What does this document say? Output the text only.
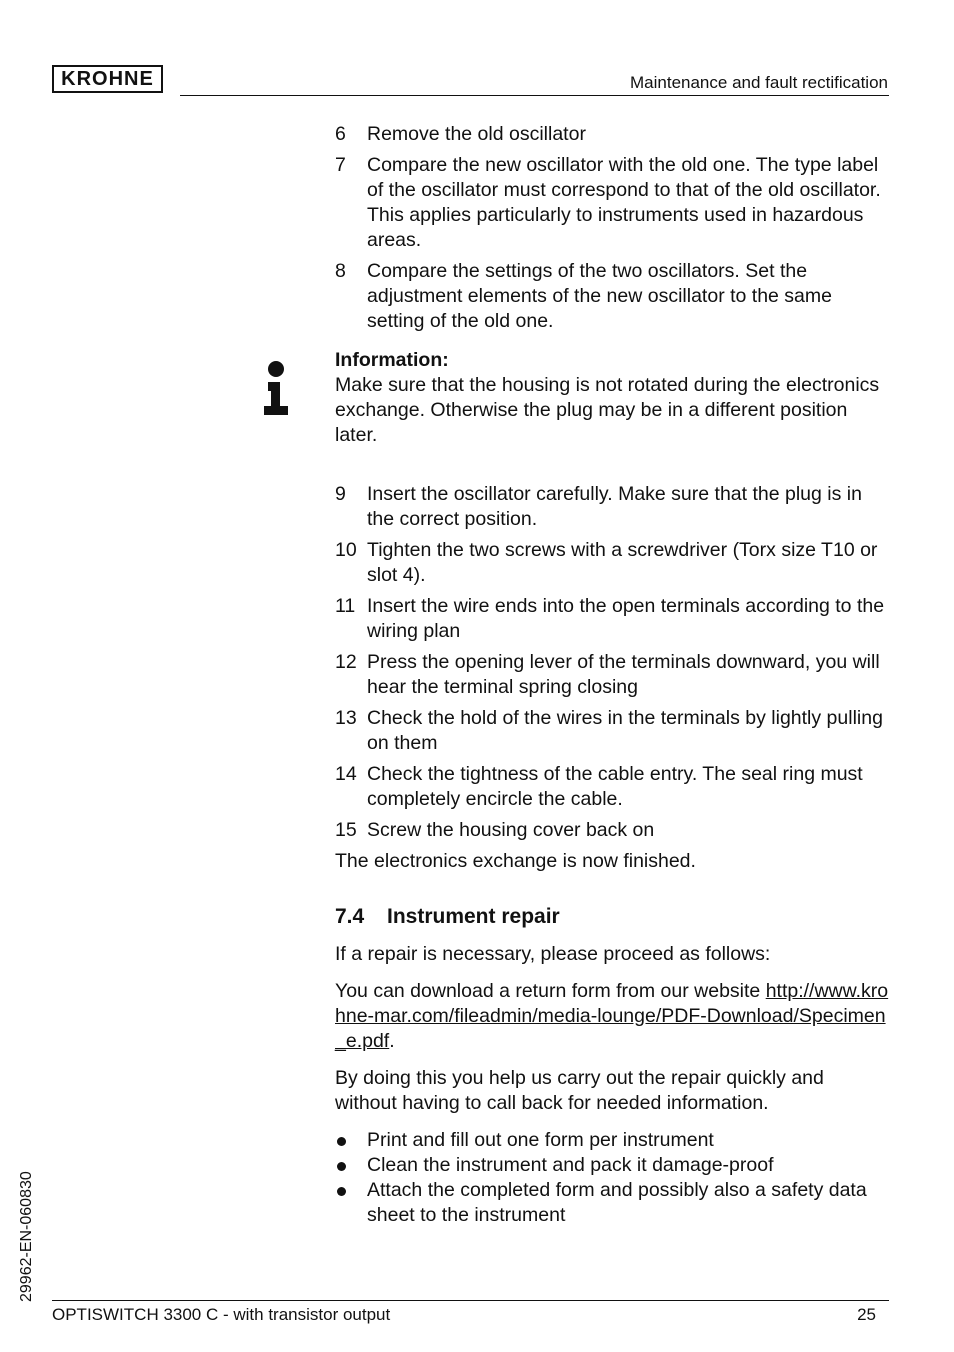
KROHNE	Maintenance and fault rectification
6	Remove the old oscillator
7	Compare the new oscillator with the old one. The type label of the oscillator must correspond to that of the old oscillator. This applies particularly to instruments used in hazardous areas.
8	Compare the settings of the two oscillators. Set the adjustment elements of the new oscillator to the same setting of the old one.
Information:
Make sure that the housing is not rotated during the electronics exchange. Otherwise the plug may be in a different position later.
9	Insert the oscillator carefully. Make sure that the plug is in the correct position.
10 Tighten the two screws with a screwdriver (Torx size T10 or slot 4).
11 Insert the wire ends into the open terminals according to the wiring plan
12 Press the opening lever of the terminals downward, you will hear the terminal spring closing
13 Check the hold of the wires in the terminals by lightly pulling on them
14 Check the tightness of the cable entry. The seal ring must completely encircle the cable.
15 Screw the housing cover back on
The electronics exchange is now finished.
7.4	Instrument repair

If a repair is necessary, please proceed as follows:

You can download a return form from our website http://www.krohne-mar.com/fileadmin/media-lounge/PDF-Download/Specimen_e.pdf.

By doing this you help us carry out the repair quickly and without having to call back for needed information.

Print and fill out one form per instrument
Clean the instrument and pack it damage-proof
Attach the completed form and possibly also a safety data sheet to the instrument
29962-EN-060830
OPTISWITCH 3300 C - with transistor output	25
